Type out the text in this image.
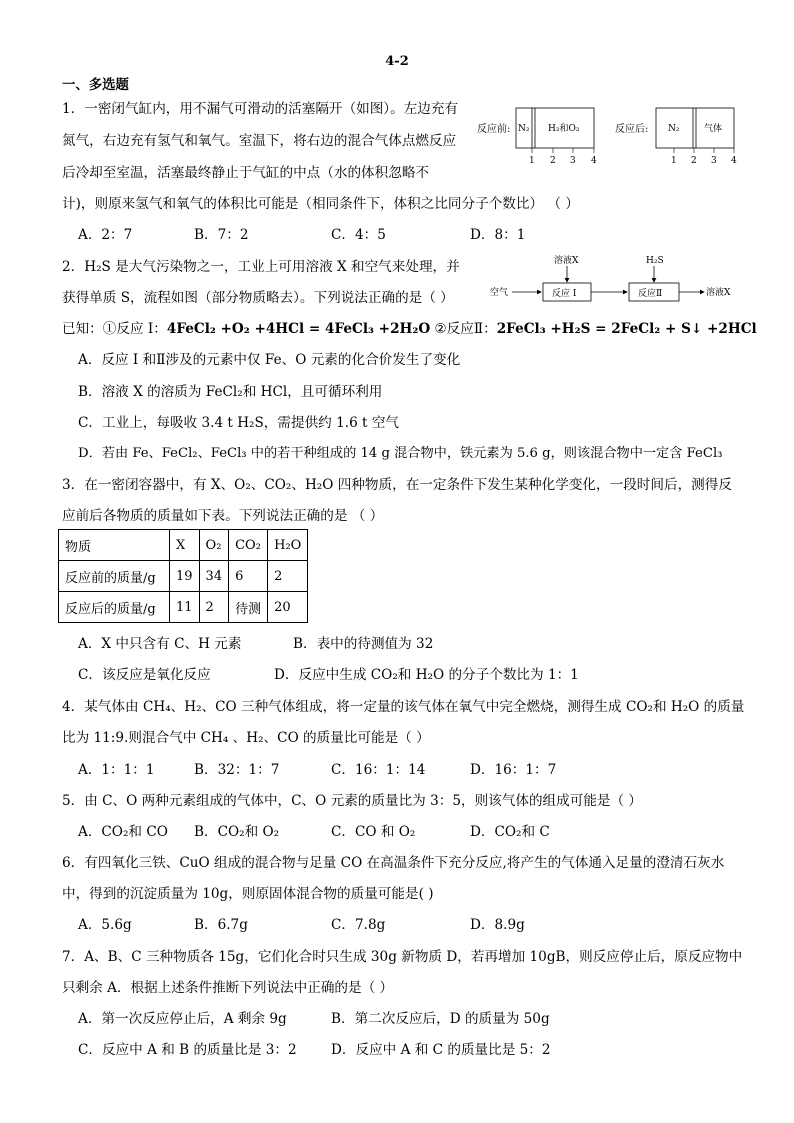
4-2
一、多选题
1．一密闭气缸内，用不漏气可滑动的活塞隔开（如图）。左边充有
氮气，右边充有氢气和氧气。室温下，将右边的混合气体点燃反应
后冷却至室温，活塞最终静止于气缸的中点（水的体积忽略不
计)，则原来氢气和氧气的体积比可能是（相同条件下，体积之比同分子个数比） （ ）
A．2：7	B．7：2	C．4：5	D．8：1
反应前: N₂ H₂和O₂
1 2 3 4
反应后: N₂	气体
1 2 3 4
2．H₂S 是大气污染物之一，工业上可用溶液 X 和空气来处理，并
获得单质 S，流程如图（部分物质略去）。下列说法正确的是（ ）
已知：①反应 I：4FeCl₂ +O₂ +4HCl = 4FeCl₃ +2H₂O ②反应Ⅱ：2FeCl₃ +H₂S = 2FeCl₂ + S↓ +2HCl
A．反应 I 和Ⅱ涉及的元素中仅 Fe、O 元素的化合价发生了变化
B．溶液 X 的溶质为 FeCl₂和 HCl，且可循环利用
C．工业上，每吸收 3.4 t H₂S，需提供约 1.6 t 空气
D．若由 Fe、FeCl₂、FeCl₃ 中的若干种组成的 14 g 混合物中，铁元素为 5.6 g，则该混合物中一定含 FeCl₃
空气
溶液X
反应 I
H₂S
反应Ⅱ	溶液X
3．在一密闭容器中，有 X、O₂、CO₂、H₂O 四种物质，在一定条件下发生某种化学变化，一段时间后，测得反
应前后各物质的质量如下表。下列说法正确的是 （ ）
物质	X	O₂	CO₂	H₂O
反应前的质量/g	19	34	6	2
反应后的质量/g	11	2	待测	20
A．X 中只含有 C、H 元素	B．表中的待测值为 32
C．该反应是氧化反应	D．反应中生成 CO₂和 H₂O 的分子个数比为 1：1
4．某气体由 CH₄、H₂、CO 三种气体组成，将一定量的该气体在氧气中完全燃烧，测得生成 CO₂和 H₂O 的质量
比为 11:9.则混合气中 CH₄ 、H₂、CO 的质量比可能是（ ）
A．1：1：1	B．32：1：7	C．16：1：14	D．16：1：7
5．由 C、O 两种元素组成的气体中，C、O 元素的质量比为 3：5，则该气体的组成可能是（ ）
A．CO₂和 CO B．CO₂和 O₂	C．CO 和 O₂	D．CO₂和 C
6．有四氧化三铁、CuO 组成的混合物与足量 CO 在高温条件下充分反应,将产生的气体通入足量的澄清石灰水
中，得到的沉淀质量为 10g，则原固体混合物的质量可能是( )
A．5.6g	B．6.7g	C．7.8g	D．8.9g
7．A、B、C 三种物质各 15g，它们化合时只生成 30g 新物质 D，若再增加 10gB，则反应停止后，原反应物中
只剩余 A．根据上述条件推断下列说法中正确的是（ ）
A．第一次反应停止后，A 剩余 9g	B．第二次反应后，D 的质量为 50g
C．反应中 A 和 B 的质量比是 3：2	D．反应中 A 和 C 的质量比是 5：2
